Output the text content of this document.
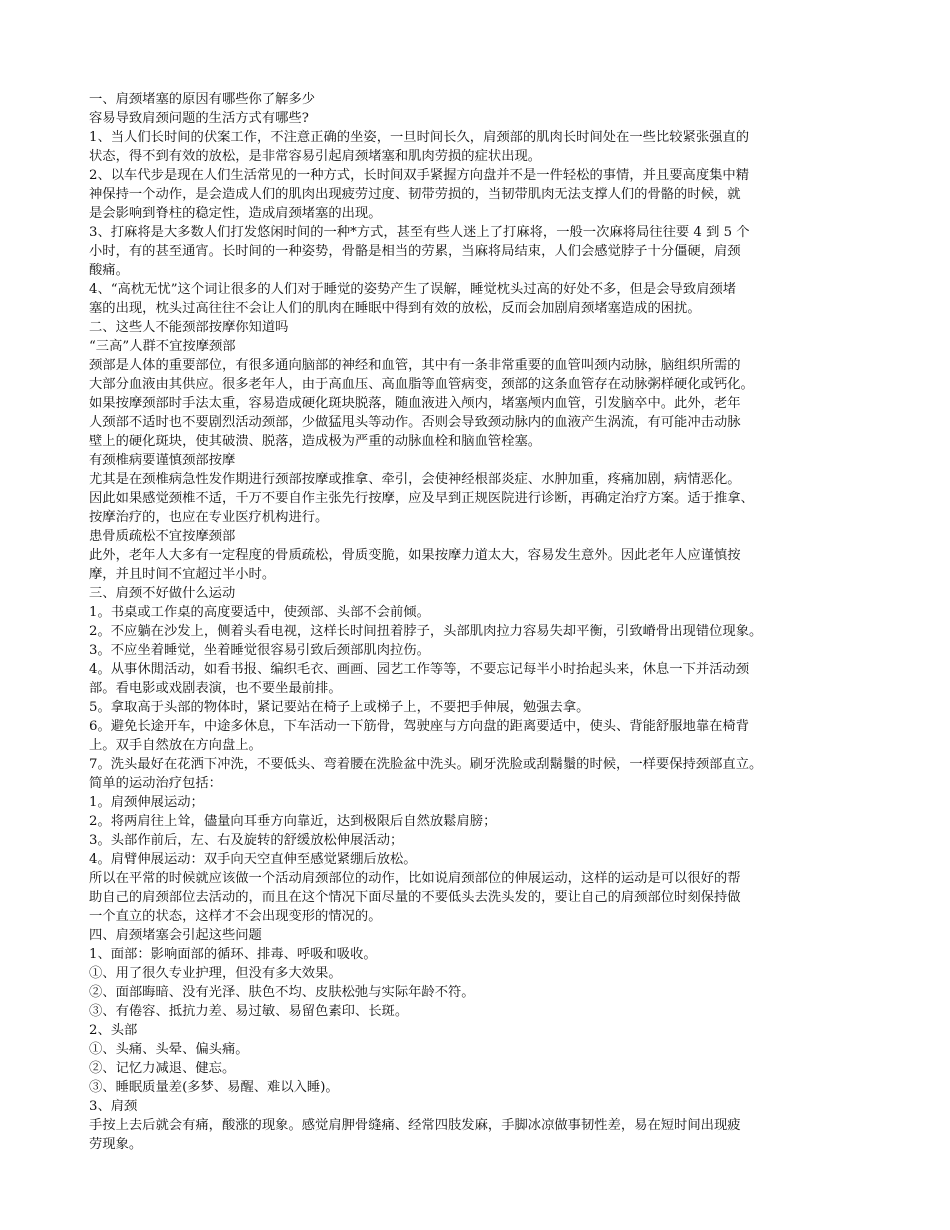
一、肩颈堵塞的原因有哪些你了解多少

容易导致肩颈问题的生活方式有哪些?

1、当人们长时间的伏案工作，不注意正确的坐姿，一旦时间长久，肩颈部的肌肉长时间处在一些比较紧张强直的

状态，得不到有效的放松，是非常容易引起肩颈堵塞和肌肉劳损的症状出现。

2、以车代步是现在人们生活常见的一种方式，长时间双手紧握方向盘并不是一件轻松的事情，并且要高度集中精

神保持一个动作，是会造成人们的肌肉出现疲劳过度、韧带劳损的，当韧带肌肉无法支撑人们的骨骼的时候，就

是会影响到脊柱的稳定性，造成肩颈堵塞的出现。

3、打麻将是大多数人们打发悠闲时间的一种*方式，甚至有些人迷上了打麻将，一般一次麻将局往往要 4 到 5 个

小时，有的甚至通宵。长时间的一种姿势，骨骼是相当的劳累，当麻将局结束，人们会感觉脖子十分僵硬，肩颈

酸痛。

4、“高枕无忧”这个词让很多的人们对于睡觉的姿势产生了误解，睡觉枕头过高的好处不多，但是会导致肩颈堵

塞的出现，枕头过高往往不会让人们的肌肉在睡眠中得到有效的放松，反而会加剧肩颈堵塞造成的困扰。

二、这些人不能颈部按摩你知道吗

“三高”人群不宜按摩颈部

颈部是人体的重要部位，有很多通向脑部的神经和血管，其中有一条非常重要的血管叫颈内动脉，脑组织所需的

大部分血液由其供应。很多老年人，由于高血压、高血脂等血管病变，颈部的这条血管存在动脉粥样硬化或钙化。

如果按摩颈部时手法太重，容易造成硬化斑块脱落，随血液进入颅内，堵塞颅内血管，引发脑卒中。此外，老年

人颈部不适时也不要剧烈活动颈部，少做猛甩头等动作。否则会导致颈动脉内的血液产生涡流，有可能冲击动脉

壁上的硬化斑块，使其破溃、脱落，造成极为严重的动脉血栓和脑血管栓塞。

有颈椎病要谨慎颈部按摩

尤其是在颈椎病急性发作期进行颈部按摩或推拿、牵引，会使神经根部炎症、水肿加重，疼痛加剧，病情恶化。

因此如果感觉颈椎不适，千万不要自作主张先行按摩，应及早到正规医院进行诊断，再确定治疗方案。适于推拿、

按摩治疗的，也应在专业医疗机构进行。

患骨质疏松不宜按摩颈部

此外，老年人大多有一定程度的骨质疏松，骨质变脆，如果按摩力道太大，容易发生意外。因此老年人应谨慎按

摩，并且时间不宜超过半小时。

三、肩颈不好做什么运动

1。书桌或工作桌的高度要适中，使颈部、头部不会前倾。

2。不应躺在沙发上，侧着头看电视，这样长时间扭着脖子，头部肌肉拉力容易失却平衡，引致嵴骨出现错位现象。

3。不应坐着睡觉，坐着睡觉很容易引致后颈部肌肉拉伤。

4。从事休閒活动，如看书报、编织毛衣、画画、园艺工作等等，不要忘记每半小时抬起头来，休息一下并活动颈

部。看电影或戏剧表演，也不要坐最前排。

5。拿取高于头部的物体时，紧记要站在椅子上或梯子上，不要把手伸展，勉强去拿。

6。避免长途开车，中途多休息，下车活动一下筋骨，驾驶座与方向盘的距离要适中，使头、背能舒服地靠在椅背

上。双手自然放在方向盘上。

7。洗头最好在花洒下冲洗，不要低头、弯着腰在洗脸盆中洗头。刷牙洗脸或刮鬍鬚的时候，一样要保持颈部直立。

简单的运动治疗包括：

1。肩颈伸展运动；

2。将两肩往上耸，儘量向耳垂方向靠近，达到极限后自然放鬆肩膀；

3。头部作前后，左、右及旋转的舒缓放松伸展活动；

4。肩臂伸展运动：双手向天空直伸至感觉紧绷后放松。

所以在平常的时候就应该做一个活动肩颈部位的动作，比如说肩颈部位的伸展运动，这样的运动是可以很好的帮

助自己的肩颈部位去活动的，而且在这个情况下面尽量的不要低头去洗头发的，要让自己的肩颈部位时刻保持做

一个直立的状态，这样才不会出现变形的情况的。

四、肩颈堵塞会引起这些问题

1、面部：影响面部的循环、排毒、呼吸和吸收。

①、用了很久专业护理，但没有多大效果。

②、面部晦暗、没有光泽、肤色不均、皮肤松弛与实际年龄不符。

③、有倦容、抵抗力差、易过敏、易留色素印、长斑。

2、头部

①、头痛、头晕、偏头痛。

②、记忆力减退、健忘。

③、睡眠质量差(多梦、易醒、难以入睡)。

3、肩颈

手按上去后就会有痛，酸涨的现象。感觉肩胛骨缝痛、经常四肢发麻，手脚冰凉做事韧性差，易在短时间出现疲

劳现象。
